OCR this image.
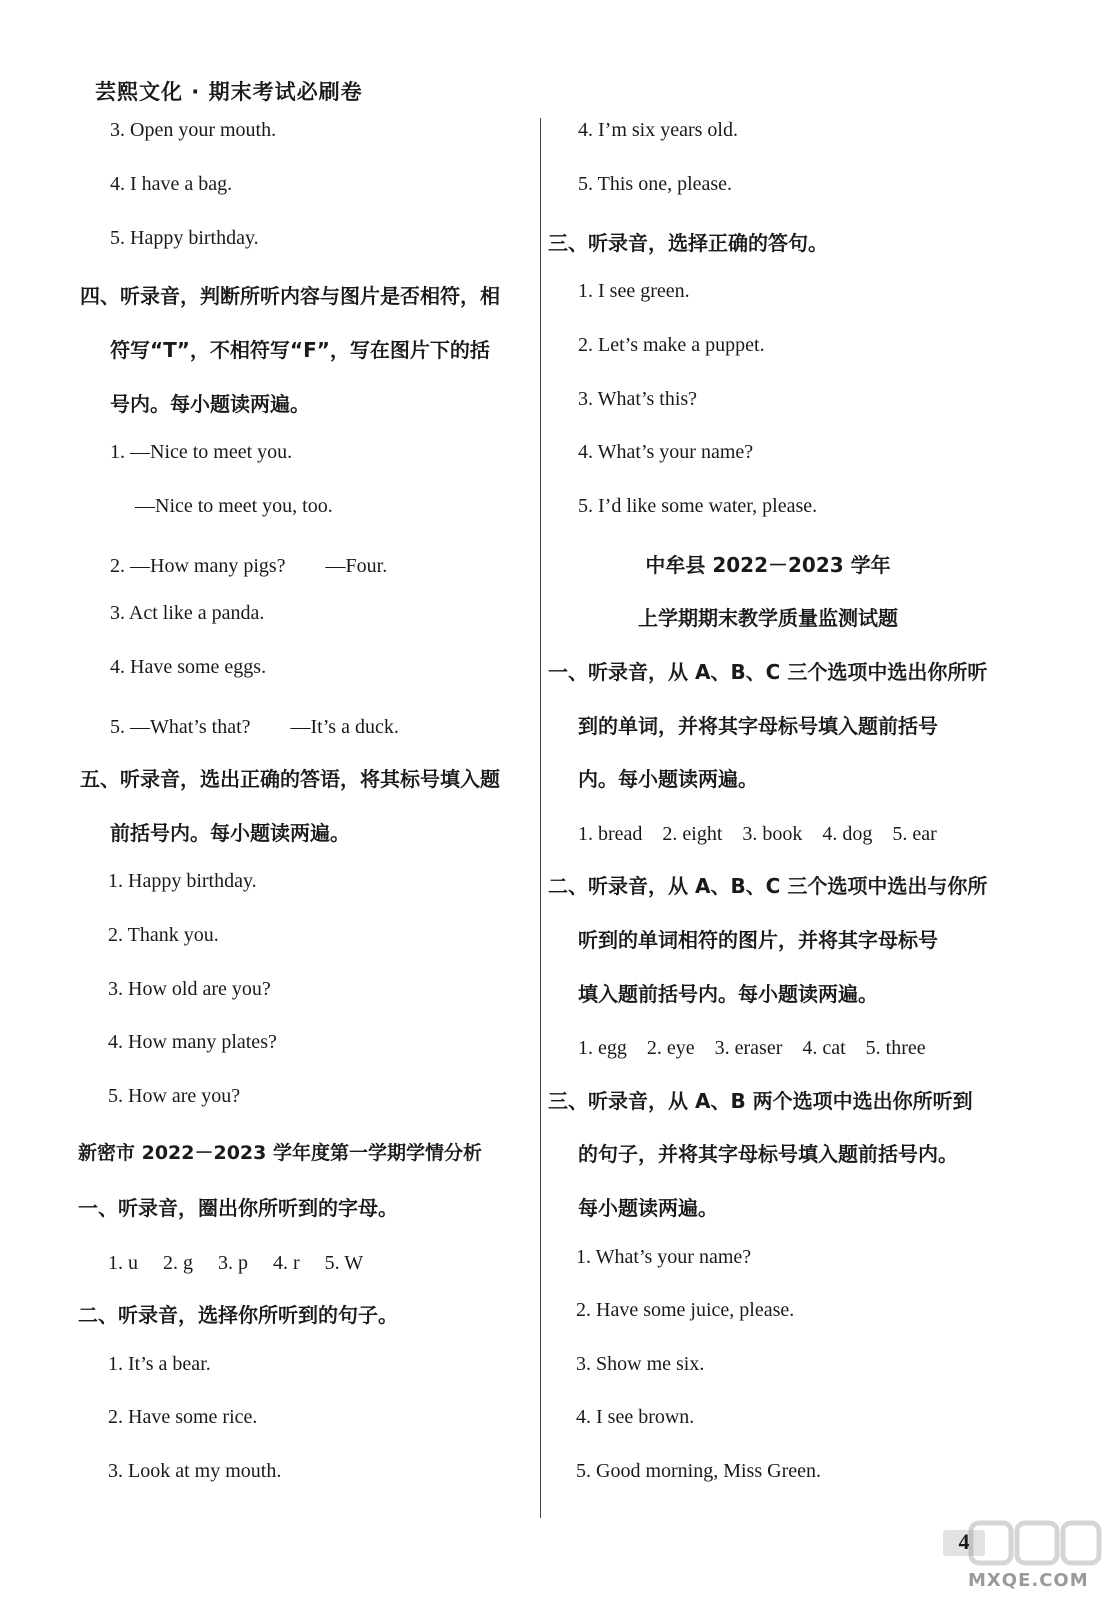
芸熙文化 · 期末考试必刷卷
3. Open your mouth.
4. I have a bag.
5. Happy birthday.
四、听录音，判断所听内容与图片是否相符，相
符写“T”，不相符写“F”，写在图片下的括
号内。每小题读两遍。
1. —Nice to meet you.
—Nice to meet you, too.
2. —How many pigs?　　—Four.
3. Act like a panda.
4. Have some eggs.
5. —What’s that?　　—It’s a duck.
五、听录音，选出正确的答语，将其标号填入题
前括号内。每小题读两遍。
1. Happy birthday.
2. Thank you.
3. How old are you?
4. How many plates?
5. How are you?
新密市 2022－2023 学年度第一学期学情分析
一、听录音，圈出你所听到的字母。
1. u　 2. g　 3. p　 4. r　 5. W
二、听录音，选择你所听到的句子。
1. It’s a bear.
2. Have some rice.
3. Look at my mouth.
4. I’m six years old.
5. This one, please.
三、听录音，选择正确的答句。
1. I see green.
2. Let’s make a puppet.
3. What’s this?
4. What’s your name?
5. I’d like some water, please.
中牟县 2022－2023 学年
上学期期末教学质量监测试题
一、听录音，从 A、B、C 三个选项中选出你所听
到的单词，并将其字母标号填入题前括号
内。每小题读两遍。
1. bread　2. eight　3. book　4. dog　5. ear
二、听录音，从 A、B、C 三个选项中选出与你所
听到的单词相符的图片，并将其字母标号
填入题前括号内。每小题读两遍。
1. egg　2. eye　3. eraser　4. cat　5. three
三、听录音，从 A、B 两个选项中选出你所听到
的句子，并将其字母标号填入题前括号内。
每小题读两遍。
1. What’s your name?
2. Have some juice, please.
3. Show me six.
4. I see brown.
5. Good morning, Miss Green.
4
MXQE.COM
